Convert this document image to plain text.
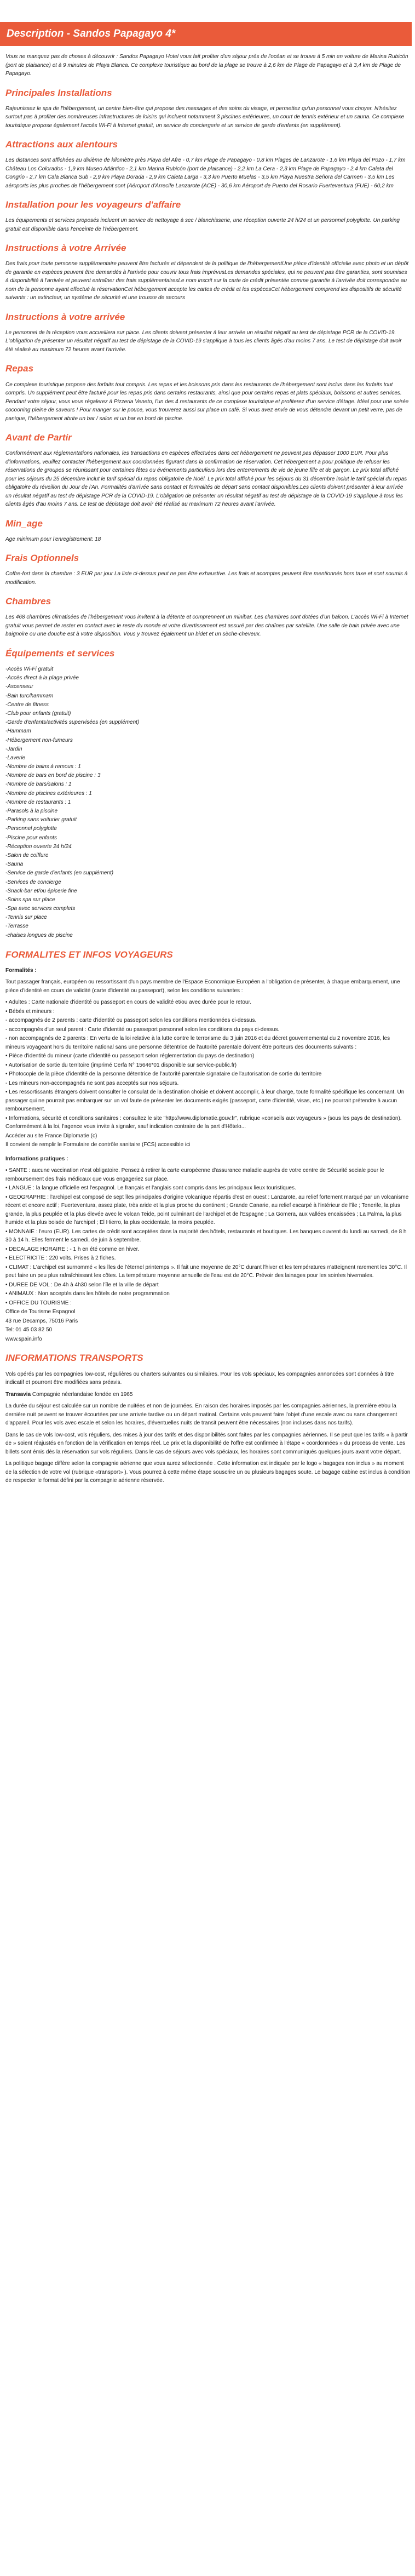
Description - Sandos Papagayo 4*

Vous ne manquez pas de choses à découvrir : Sandos Papagayo Hotel vous fait profiter d'un séjour près de l'océan et se trouve à 5 min en voiture de Marina Rubicón (port de plaisance) et à 9 minutes de Playa Blanca. Ce complexe touristique au bord de la plage se trouve à 2,6 km de Plage de Papagayo et à 3,4 km de Plage de Papagayo.

Principales Installations

Rajeunissez le spa de l'hébergement, un centre bien-être qui propose des massages et des soins du visage, et permettez qu'un personnel vous choyer. N'hésitez surtout pas à profiter des nombreuses infrastructures de loisirs qui incluent notamment 3 piscines extérieures, un court de tennis extérieur et un sauna. Ce complexe touristique propose également l'accès Wi-Fi à Internet gratuit, un service de conciergerie et un service de garde d'enfants (en supplément).

Attractions aux alentours

Les distances sont affichées au dixième de kilomètre près Playa del Afre - 0,7 km Plage de Papagayo - 0,8 km Plages de Lanzarote - 1,6 km Playa del Pozo - 1,7 km Château Los Colorados - 1,9 km Museo Atlántico - 2,1 km Marina Rubicón (port de plaisance) - 2,2 km La Cera - 2,3 km Plage de Papagayo - 2,4 km Caleta del Congrio - 2,7 km Cala Blanca Sub - 2,9 km Playa Dorada - 2,9 km Caleta Larga - 3,3 km Puerto Muelas - 3,5 km Playa Nuestra Señora del Carmen - 3,5 km Les aéroports les plus proches de l'hébergement sont (Aéroport d'Arrecife Lanzarote (ACE) - 30,6 km Aéroport de Puerto del Rosario Fuerteventura (FUE) - 60,2 km

Installation pour les voyageurs d'affaire

Les équipements et services proposés incluent un service de nettoyage à sec / blanchisserie, une réception ouverte 24 h/24 et un personnel polyglotte. Un parking gratuit est disponible dans l'enceinte de l'hébergement.

Instructions à votre Arrivée

Des frais pour toute personne supplémentaire peuvent être facturés et dépendent de la politique de l'hébergementUne pièce d'identité officielle avec photo et un dépôt de garantie en espèces peuvent être demandés à l'arrivée pour couvrir tous frais imprévusLes demandes spéciales, qui ne peuvent pas être garanties, sont soumises à disponibilité à l'arrivée et peuvent entraîner des frais supplémentairesLe nom inscrit sur la carte de crédit présentée comme garantie à l'arrivée doit correspondre au nom de la personne ayant effectué la réservationCet hébergement accepte les cartes de crédit et les espècesCet hébergement comprend les dispositifs de sécurité suivants : un extincteur, un système de sécurité et une trousse de secours

Instructions à votre arrivée

Le personnel de la réception vous accueillera sur place. Les clients doivent présenter à leur arrivée un résultat négatif au test de dépistage PCR de la COVID-19. L'obligation de présenter un résultat négatif au test de dépistage de la COVID-19 s'applique à tous les clients âgés d'au moins 7 ans. Le test de dépistage doit avoir été réalisé au maximum 72 heures avant l'arrivée.

Repas

Ce complexe touristique propose des forfaits tout compris. Les repas et les boissons pris dans les restaurants de l'hébergement sont inclus dans les forfaits tout compris. Un supplément peut être facturé pour les repas pris dans certains restaurants, ainsi que pour certains repas et plats spéciaux, boissons et autres services. Pendant votre séjour, vous vous régalerez à Pizzeria Veneto, l'un des 4 restaurants de ce complexe touristique et profiterez d'un service d'étage. Idéal pour une soirée cocooning pleine de saveurs ! Pour manger sur le pouce, vous trouverez aussi sur place un café. Si vous avez envie de vous détendre devant un petit verre, pas de panique, l'hébergement abrite un bar / salon et un bar en bord de piscine.

Avant de Partir

Conformément aux réglementations nationales, les transactions en espèces effectuées dans cet hébergement ne peuvent pas dépasser 1000 EUR. Pour plus d'informations, veuillez contacter l'hébergement aux coordonnées figurant dans la confirmation de réservation. Cet hébergement a pour politique de refuser les réservations de groupes se réunissant pour certaines fêtes ou événements particuliers lors des enterrements de vie de jeune fille et de garçon. Le prix total affiché pour les séjours du 25 décembre inclut le tarif spécial du repas obligatoire de Noël. Le prix total affiché pour les séjours du 31 décembre inclut le tarif spécial du repas obligatoire du réveillon du Jour de l'An. Formalités d'arrivée sans contact et formalités de départ sans contact disponibles.Les clients doivent présenter à leur arrivée un résultat négatif au test de dépistage PCR de la COVID-19. L'obligation de présenter un résultat négatif au test de dépistage de la COVID-19 s'applique à tous les clients âgés d'au moins 7 ans. Le test de dépistage doit avoir été réalisé au maximum 72 heures avant l'arrivée.

Min_age

Age minimum pour l'enregistrement: 18

Frais Optionnels

Coffre-fort dans la chambre : 3 EUR par jour La liste ci-dessus peut ne pas être exhaustive. Les frais et acomptes peuvent être mentionnés hors taxe et sont soumis à modification.

Chambres

Les 468 chambres climatisées de l'hébergement vous invitent à la détente et comprennent un minibar. Les chambres sont dotées d'un balcon. L'accès Wi-Fi à Internet gratuit vous permet de rester en contact avec le reste du monde et votre divertissement est assuré par des chaînes par satellite. Une salle de bain privée avec une baignoire ou une douche est à votre disposition. Vous y trouvez également un bidet et un sèche-cheveux.

Équipements et services
-Accès Wi-Fi gratuit
-Accès direct à la plage privée
-Ascenseur
-Bain turc/hammam
-Centre de fitness
-Club pour enfants (gratuit)
-Garde d'enfants/activités supervisées (en supplément)
-Hammam
-Hébergement non-fumeurs
-Jardin
-Laverie
-Nombre de bains à remous : 1
-Nombre de bars en bord de piscine : 3
-Nombre de bars/salons : 1
-Nombre de piscines extérieures : 1
-Nombre de restaurants : 1
-Parasols à la piscine
-Parking sans voiturier gratuit
-Personnel polyglotte
-Piscine pour enfants
-Réception ouverte 24 h/24
-Salon de coiffure
-Sauna
-Service de garde d'enfants (en supplément)
-Services de concierge
-Snack-bar et/ou épicerie fine
-Soins spa sur place
-Spa avec services complets
-Tennis sur place
-Terrasse
-chaises longues de piscine
FORMALITES ET INFOS VOYAGEURS

Formalités :

Tout passager français, européen ou ressortissant d'un pays membre de l'Espace Economique Européen a l'obligation de présenter, à chaque embarquement, une pièce d'identité en cours de validité (carte d'identité ou passeport), selon les conditions suivantes :

• Adultes : Carte nationale d'identité ou passeport en cours de validité et/ou avec durée pour le retour.
• Bébés et mineurs :
- accompagnés de 2 parents : carte d'identité ou passeport selon les conditions mentionnées ci-dessus.
- accompagnés d'un seul parent : Carte d'identité ou passeport personnel selon les conditions du pays ci-dessus.
- non accompagnés de 2 parents : En vertu de la loi relative à la lutte contre le terrorisme du 3 juin 2016 et du décret gouvernemental du 2 novembre 2016, les mineurs voyageant hors du territoire national sans une personne détentrice de l'autorité parentale doivent être porteurs des documents suivants :
• Pièce d'identité du mineur (carte d'identité ou passeport selon réglementation du pays de destination)
• Autorisation de sortie du territoire (imprimé Cerfa N° 15646*01 disponible sur service-public.fr)
• Photocopie de la pièce d'identité de la personne détentrice de l'autorité parentale signataire de l'autorisation de sortie du territoire
- Les mineurs non-accompagnés ne sont pas acceptés sur nos séjours.
• Les ressortissants étrangers doivent consulter le consulat de la destination choisie et doivent accomplir, à leur charge, toute formalité spécifique les concernant. Un passager qui ne pourrait pas embarquer sur un vol faute de présenter les documents exigés (passeport, carte d'identité, visas, etc.) ne pourrait prétendre à aucun remboursement.
• Informations, sécurité et conditions sanitaires : consultez le site "http://www.diplomatie.gouv.fr", rubrique «conseils aux voyageurs » (sous les pays de destination). Conformément à la loi, l'agence vous invite à signaler, sauf indication contraire de la part d'Hôtelo...
Accéder au site France Diplomatie (c)
Il convient de remplir le Formulaire de contrôle sanitaire (FCS) accessible ici

Informations pratiques :

• SANTE : aucune vaccination n'est obligatoire. Pensez à retirer la carte européenne d'assurance maladie auprès de votre centre de Sécurité sociale pour le remboursement des frais médicaux que vous engageriez sur place.
• LANGUE : la langue officielle est l'espagnol. Le français et l'anglais sont compris dans les principaux lieux touristiques.
• GEOGRAPHIE : l'archipel est composé de sept îles principales d'origine volcanique répartis d'est en ouest : Lanzarote, au relief fortement marqué par un volcanisme récent et encore actif ; Fuerteventura, assez plate, très aride et la plus proche du continent ; Grande Canarie, au relief escarpé à l'intérieur de l'île ; Tenerife, la plus grande, la plus peuplée et la plus élevée avec le volcan Teide, point culminant de l'archipel et de l'Espagne ; La Gomera, aux vallées encaissées ; La Palma, la plus humide et la plus boisée de l'archipel ; El Hierro, la plus occidentale, la moins peuplée.
• MONNAIE : l'euro (EUR). Les cartes de crédit sont acceptées dans la majorité des hôtels, restaurants et boutiques. Les banques ouvrent du lundi au samedi, de 8 h 30 à 14 h. Elles ferment le samedi, de juin à septembre.
• DECALAGE HORAIRE : - 1 h en été comme en hiver.
• ELECTRICITE : 220 volts. Prises à 2 fiches.
• CLIMAT : L'archipel est surnommé « les îles de l'éternel printemps ». Il fait une moyenne de 20°C durant l'hiver et les températures n'atteignent rarement les 30°C. Il peut faire un peu plus rafraîchissant les côtes. La température moyenne annuelle de l'eau est de 20°C. Prévoir des lainages pour les soirées hivernales.
• DUREE DE VOL : De 4h à 4h30 selon l'île et la ville de départ
• ANIMAUX : Non acceptés dans les hôtels de notre programmation
• OFFICE DU TOURISME :
Office de Tourisme Espagnol
43 rue Decamps, 75016 Paris
Tel: 01 45 03 82 50
www.spain.info
INFORMATIONS TRANSPORTS

Vols opérés par les compagnies low-cost, régulières ou charters suivantes ou similaires. Pour les vols spéciaux, les compagnies annoncées sont données à titre indicatif et pourront être modifiées sans préavis.

Transavia Compagnie néerlandaise fondée en 1965

La durée du séjour est calculée sur un nombre de nuitées et non de journées. En raison des horaires imposés par les compagnies aériennes, la première et/ou la dernière nuit peuvent se trouver écourtées par une arrivée tardive ou un départ matinal. Certains vols peuvent faire l'objet d'une escale avec ou sans changement d'appareil. Pour les vols avec escale et selon les horaires, d'éventuelles nuits de transit peuvent être nécessaires (non incluses dans nos tarifs).

Dans le cas de vols low-cost, vols réguliers, des mises à jour des tarifs et des disponibilités sont faites par les compagnies aériennes. Il se peut que les tarifs « à partir de » soient réajustés en fonction de la vérification en temps réel. Le prix et la disponibilité de l'offre est confirmée à l'étape « coordonnées » du process de vente. Les billets sont émis dès la réservation sur vols réguliers. Dans le cas de séjours avec vols spéciaux, les horaires sont communiqués quelques jours avant votre départ.

La politique bagage diffère selon la compagnie aérienne que vous aurez sélectionnée . Cette information est indiquée par le logo « bagages non inclus » au moment de la sélection de votre vol (rubrique «transport» ). Vous pourrez à cette même étape souscrire un ou plusieurs bagages soute. Le bagage cabine est inclus à condition de respecter le format défini par la compagnie aérienne réservée.
